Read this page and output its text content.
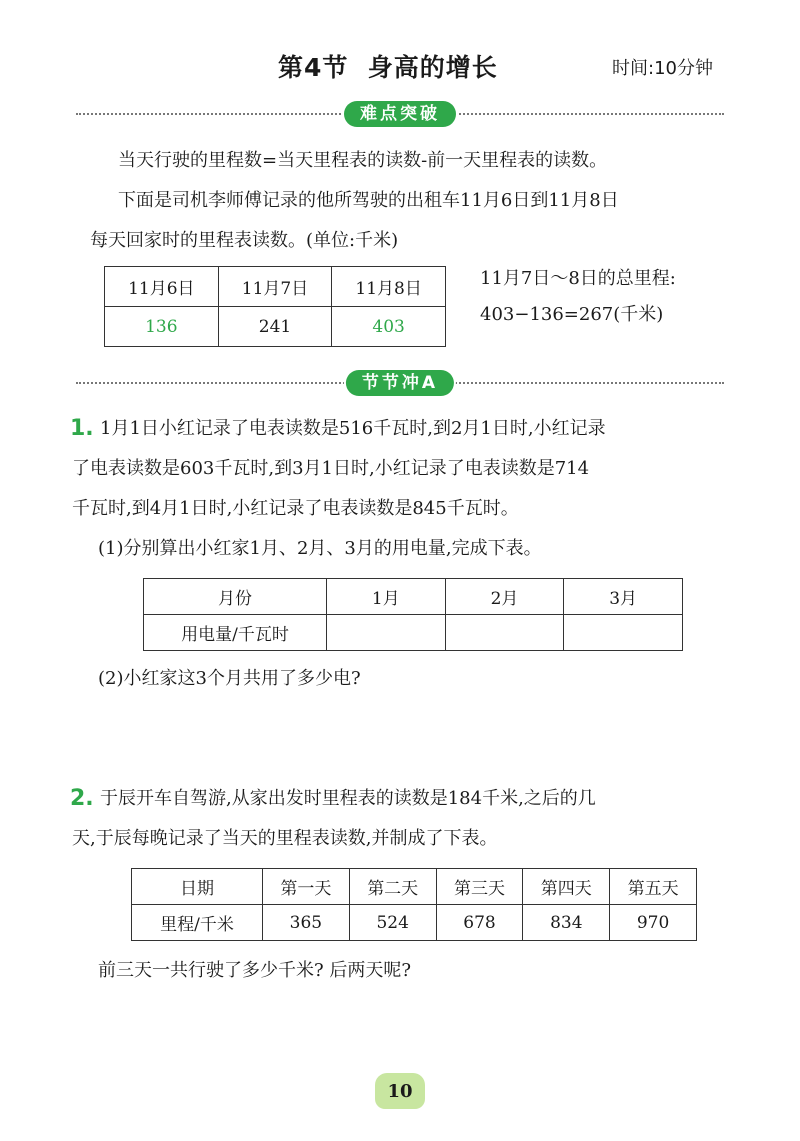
第4节  身高的增长	时间:10分钟
难点突破
当天行驶的里程数=当天里程表的读数-前一天里程表的读数。
下面是司机李师傅记录的他所驾驶的出租车11月6日到11月8日
每天回家时的里程表读数。(单位:千米)
11月6日	11月7日	11月8日
136	241	403
11月7日～8日的总里程:
403−136=267(千米)
节节冲A
1. 1月1日小红记录了电表读数是516千瓦时,到2月1日时,小红记录
了电表读数是603千瓦时,到3月1日时,小红记录了电表读数是714
千瓦时,到4月1日时,小红记录了电表读数是845千瓦时。
(1)分别算出小红家1月、2月、3月的用电量,完成下表。
月份	1月	2月	3月
用电量/千瓦时			
(2)小红家这3个月共用了多少电?
2. 于辰开车自驾游,从家出发时里程表的读数是184千米,之后的几
天,于辰每晚记录了当天的里程表读数,并制成了下表。
日期	第一天	第二天	第三天	第四天	第五天
里程/千米	365	524	678	834	970
前三天一共行驶了多少千米? 后两天呢?
10
